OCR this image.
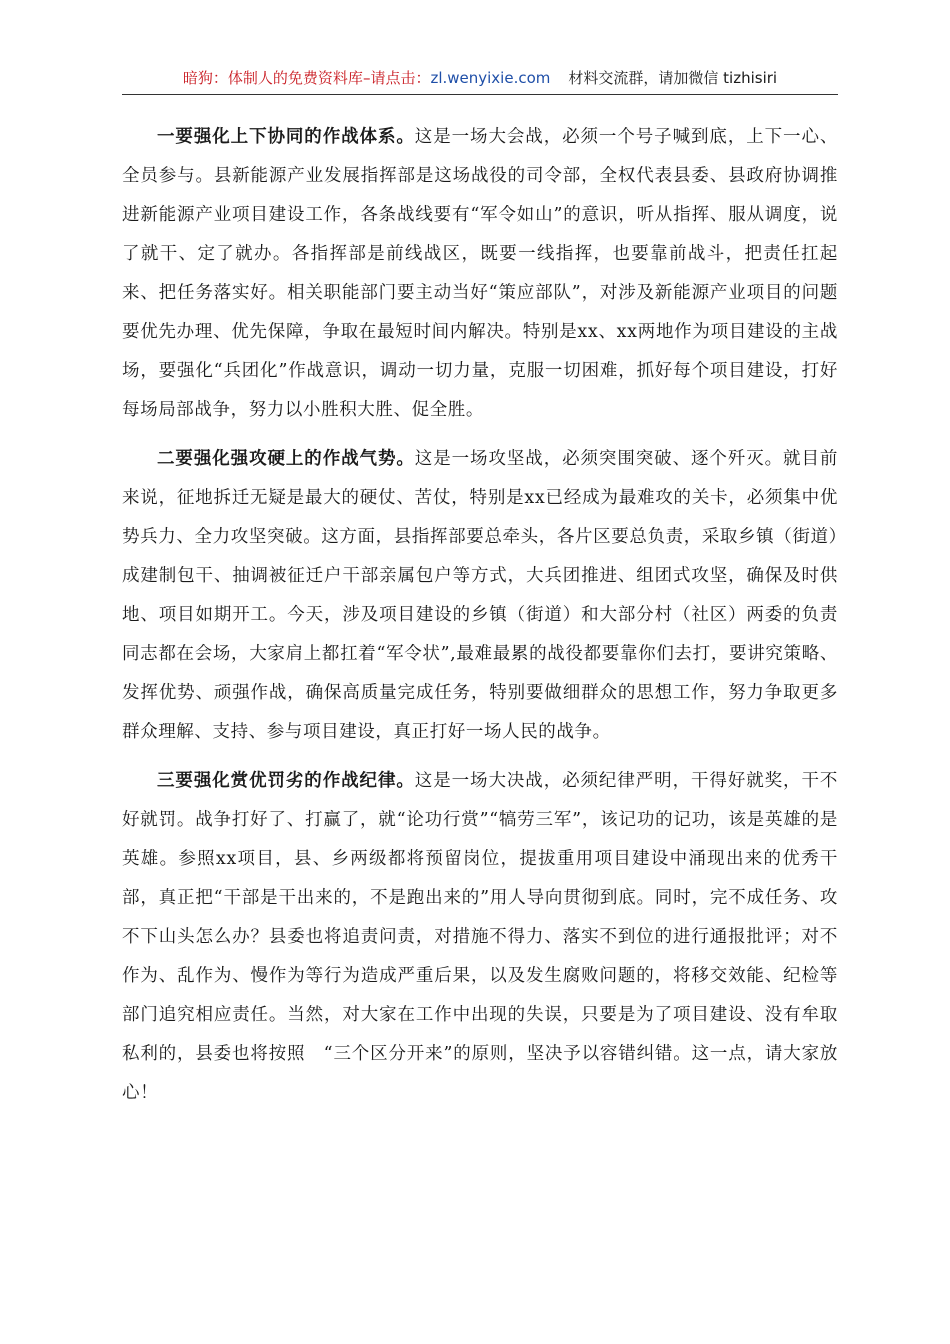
暗狗：体制人的免费资料库–请点击：zl.wenyixie.com 材料交流群，请加微信 tizhisiri

一要强化上下协同的作战体系。这是一场大会战，必须一个号子喊到底，上下一心、全员参与。县新能源产业发展指挥部是这场战役的司令部，全权代表县委、县政府协调推进新能源产业项目建设工作，各条战线要有“军令如山”的意识，听从指挥、服从调度，说了就干、定了就办。各指挥部是前线战区，既要一线指挥，也要靠前战斗，把责任扛起来、把任务落实好。相关职能部门要主动当好“策应部队”，对涉及新能源产业项目的问题要优先办理、优先保障，争取在最短时间内解决。特别是xx、xx两地作为项目建设的主战场，要强化“兵团化”作战意识，调动一切力量，克服一切困难，抓好每个项目建设，打好每场局部战争，努力以小胜积大胜、促全胜。

二要强化强攻硬上的作战气势。这是一场攻坚战，必须突围突破、逐个歼灭。就目前来说，征地拆迁无疑是最大的硬仗、苦仗，特别是xx已经成为最难攻的关卡，必须集中优势兵力、全力攻坚突破。这方面，县指挥部要总牵头，各片区要总负责，采取乡镇（街道）成建制包干、抽调被征迁户干部亲属包户等方式，大兵团推进、组团式攻坚，确保及时供地、项目如期开工。今天，涉及项目建设的乡镇（街道）和大部分村（社区）两委的负责同志都在会场，大家肩上都扛着“军令状”,最难最累的战役都要靠你们去打，要讲究策略、发挥优势、顽强作战，确保高质量完成任务，特别要做细群众的思想工作，努力争取更多群众理解、支持、参与项目建设，真正打好一场人民的战争。

三要强化赏优罚劣的作战纪律。这是一场大决战，必须纪律严明，干得好就奖，干不好就罚。战争打好了、打赢了，就“论功行赏”“犒劳三军”，该记功的记功，该是英雄的是英雄。参照xx项目，县、乡两级都将预留岗位，提拔重用项目建设中涌现出来的优秀干部，真正把“干部是干出来的，不是跑出来的”用人导向贯彻到底。同时，完不成任务、攻不下山头怎么办？县委也将追责问责，对措施不得力、落实不到位的进行通报批评；对不作为、乱作为、慢作为等行为造成严重后果，以及发生腐败问题的，将移交效能、纪检等部门追究相应责任。当然，对大家在工作中出现的失误，只要是为了项目建设、没有牟取私利的，县委也将按照　“三个区分开来”的原则，坚决予以容错纠错。这一点，请大家放心！
